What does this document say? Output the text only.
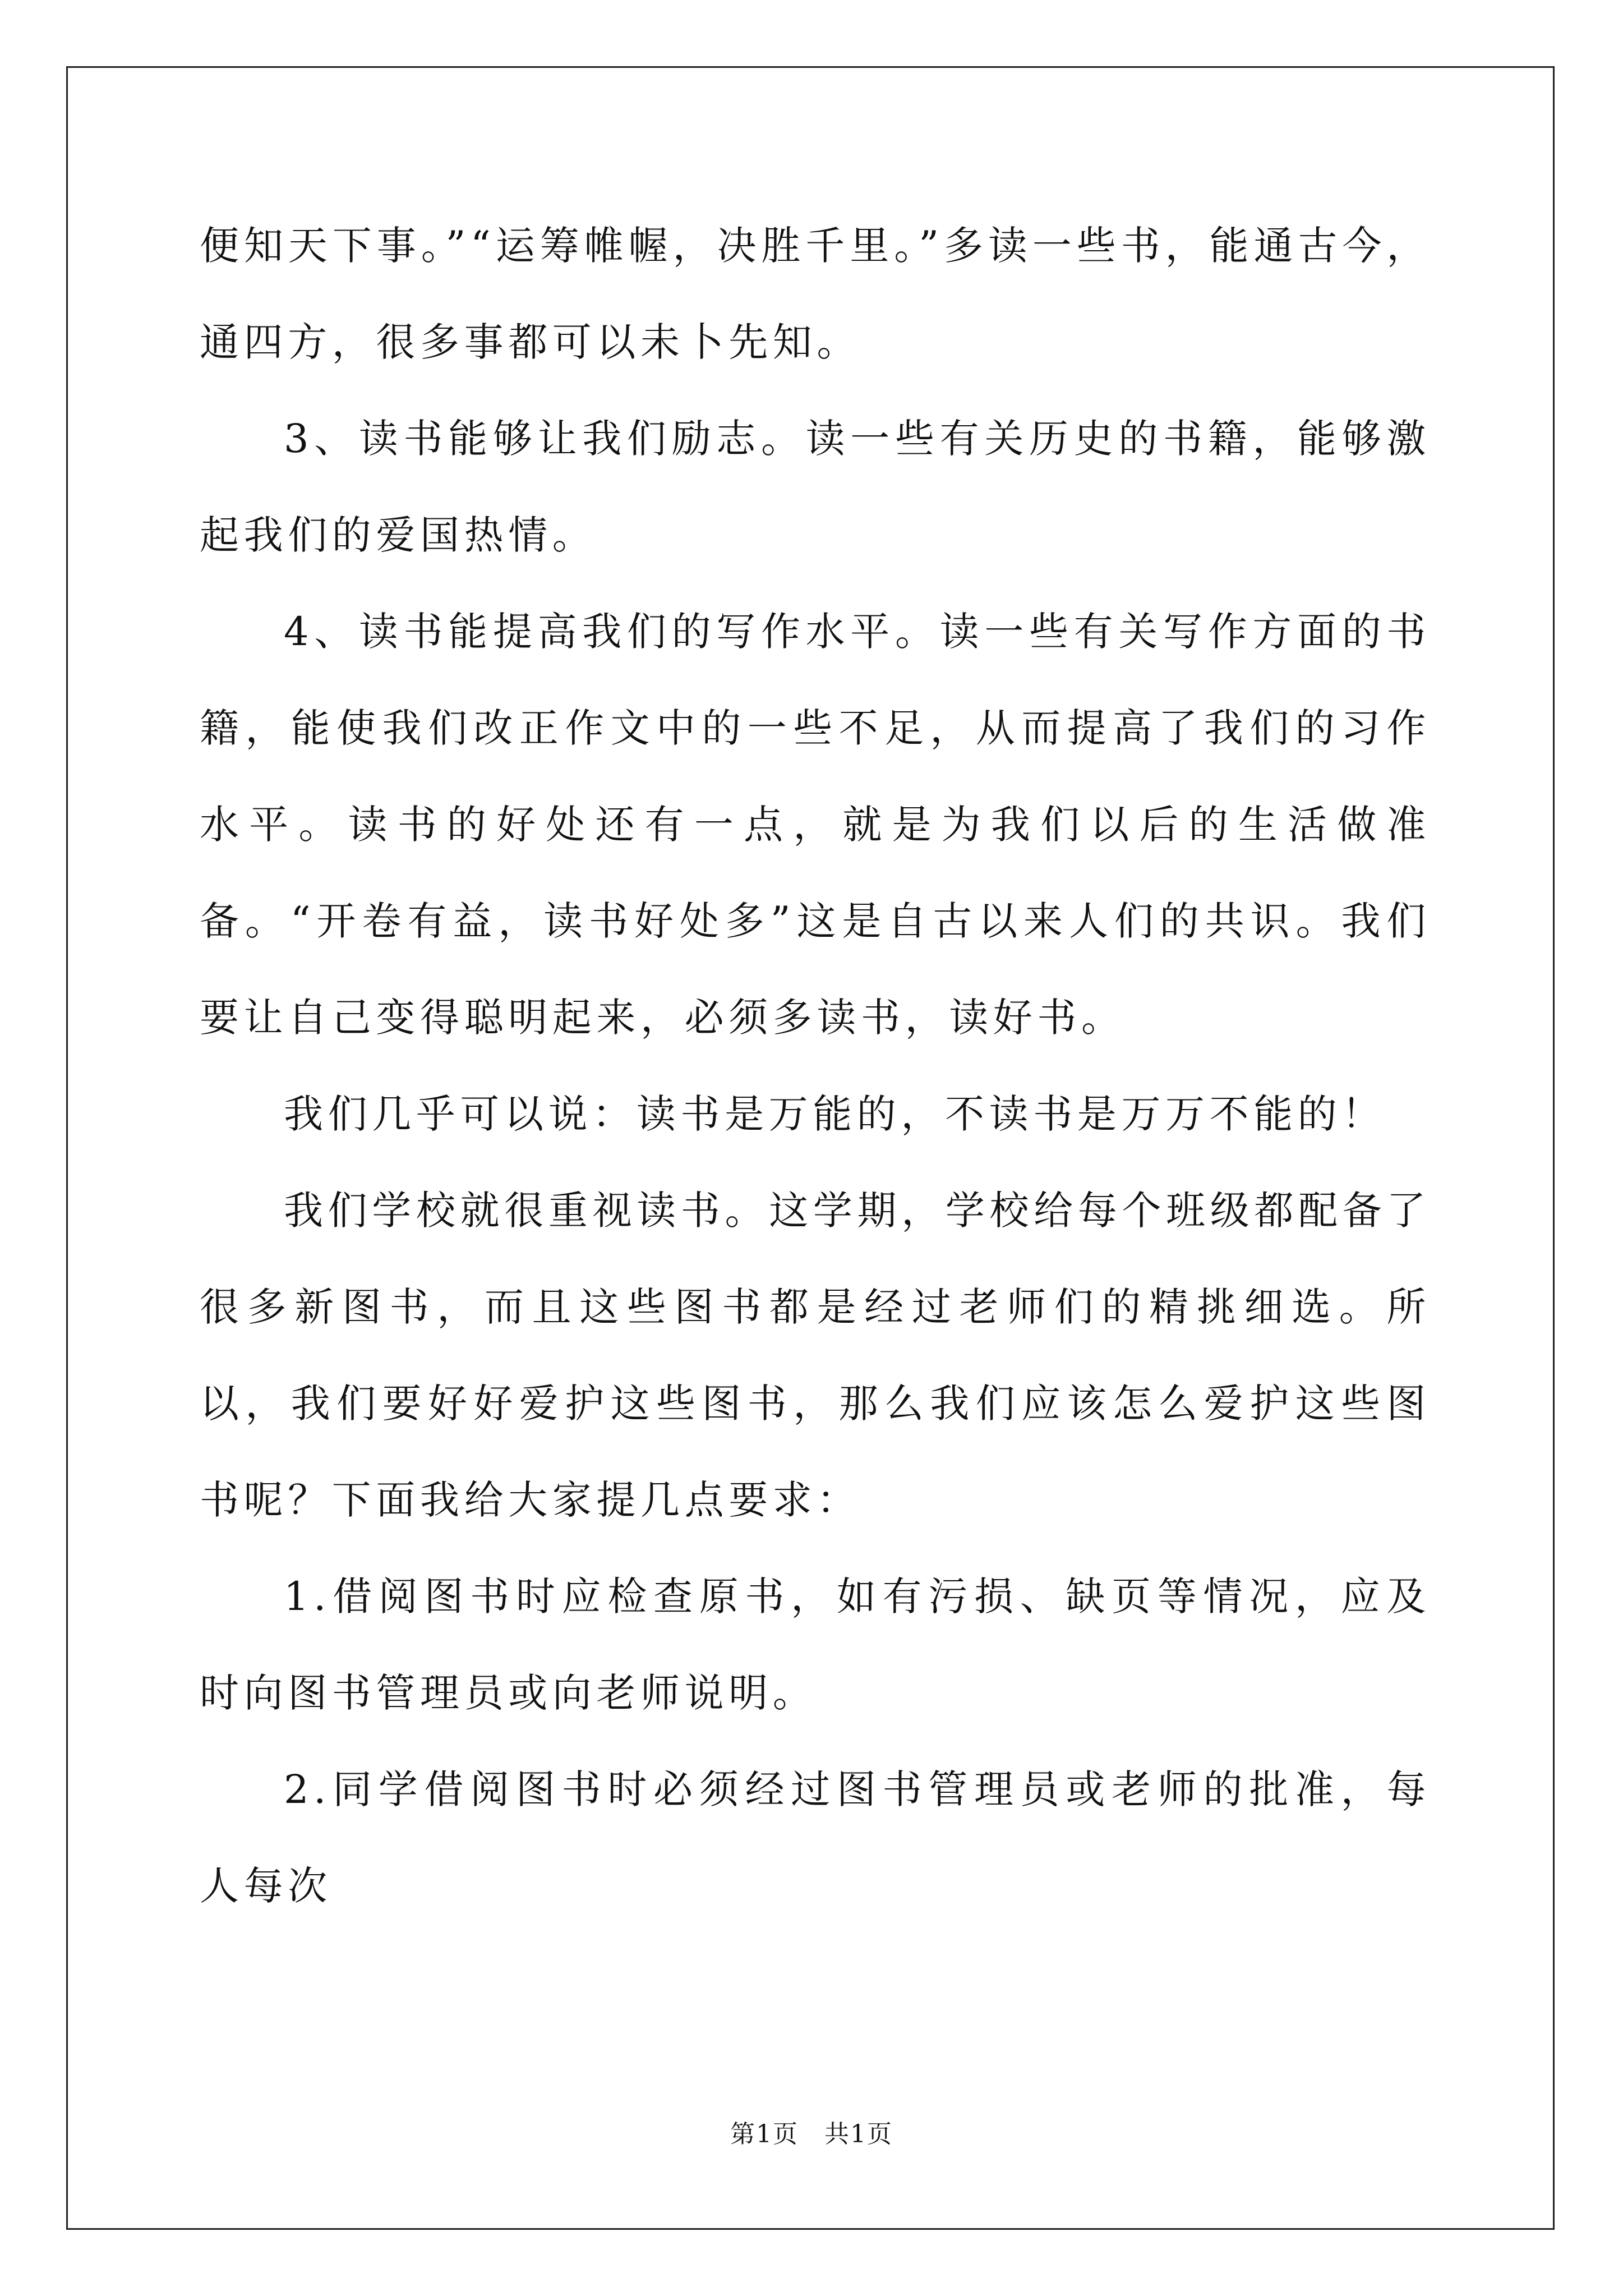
便知天下事。”“运筹帷幄，决胜千里。”多读一些书，能通古今，通四方，很多事都可以未卜先知。

3、读书能够让我们励志。读一些有关历史的书籍，能够激起我们的爱国热情。

4、读书能提高我们的写作水平。读一些有关写作方面的书籍，能使我们改正作文中的一些不足，从而提高了我们的习作水平。读书的好处还有一点，就是为我们以后的生活做准备。“开卷有益，读书好处多”这是自古以来人们的共识。我们要让自己变得聪明起来，必须多读书，读好书。

我们几乎可以说：读书是万能的，不读书是万万不能的！

我们学校就很重视读书。这学期，学校给每个班级都配备了很多新图书，而且这些图书都是经过老师们的精挑细选。所以，我们要好好爱护这些图书，那么我们应该怎么爱护这些图书呢？下面我给大家提几点要求：

1.借阅图书时应检查原书，如有污损、缺页等情况，应及时向图书管理员或向老师说明。

2.同学借阅图书时必须经过图书管理员或老师的批准，每人每次

第1页　共1页
